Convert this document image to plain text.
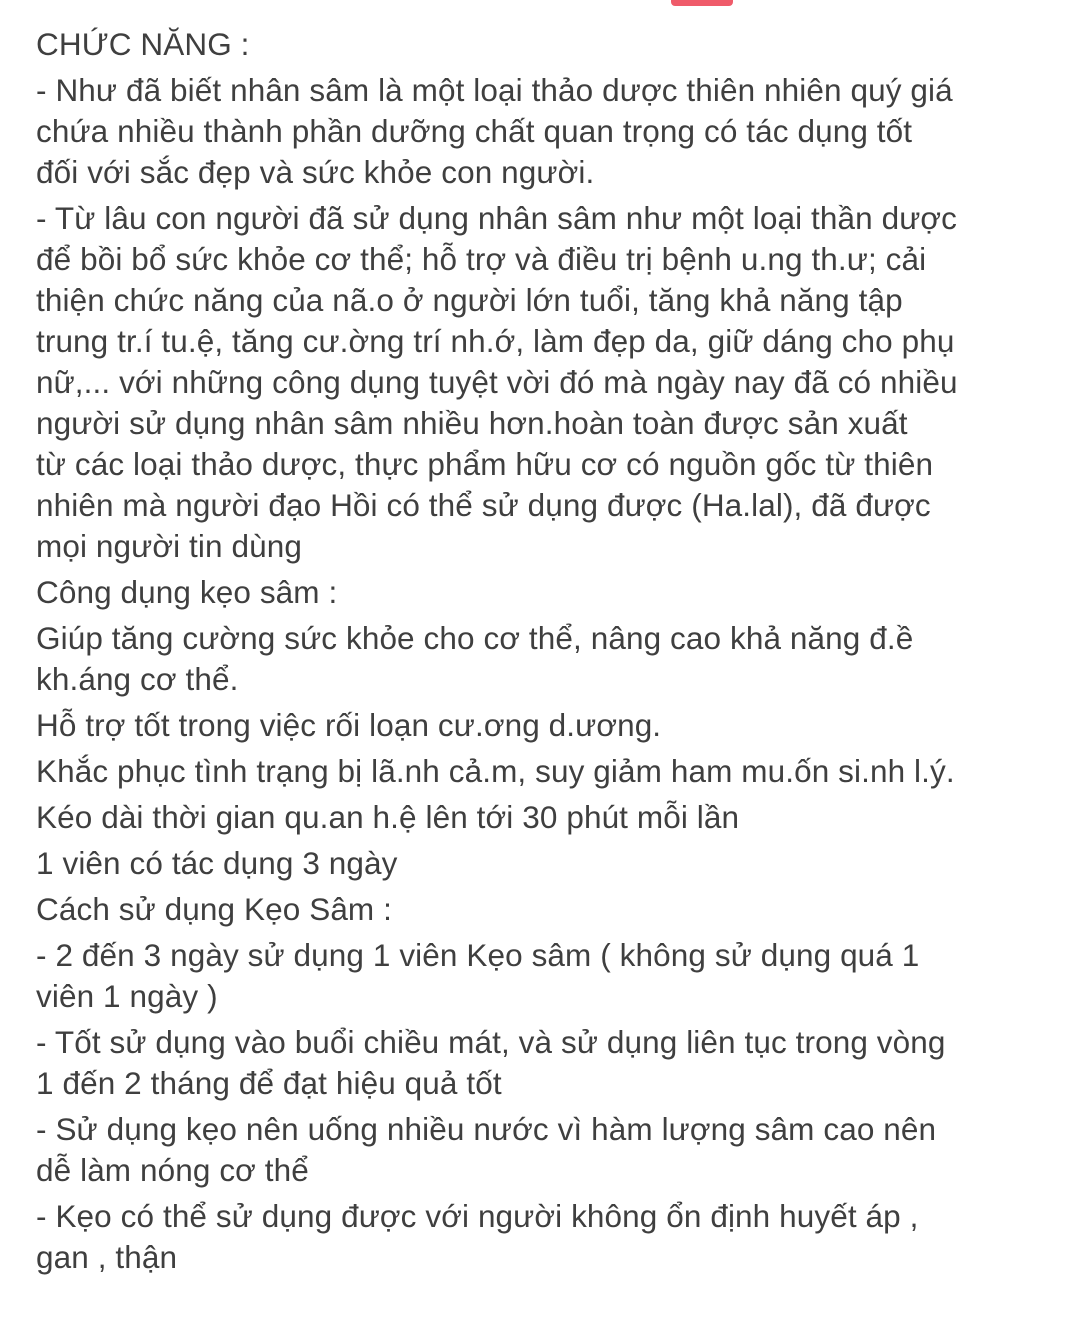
CHỨC NĂNG :

- Như đã biết nhân sâm là một loại thảo dược thiên nhiên quý giá
chứa nhiều thành phần dưỡng chất quan trọng có tác dụng tốt
đối với sắc đẹp và sức khỏe con người.

- Từ lâu con người đã sử dụng nhân sâm như một loại thần dược
để bồi bổ sức khỏe cơ thể; hỗ trợ và điều trị bệnh u.ng th.ư; cải
thiện chức năng của nã.o ở người lớn tuổi, tăng khả năng tập
trung tr.í tu.ệ, tăng cư.ờng trí nh.ớ, làm đẹp da, giữ dáng cho phụ
nữ,... với những công dụng tuyệt vời đó mà ngày nay đã có nhiều
người sử dụng nhân sâm nhiều hơn.hoàn toàn được sản xuất
từ các loại thảo dược, thực phẩm hữu cơ có nguồn gốc từ thiên
nhiên mà người đạo Hồi có thể sử dụng được (Ha.lal), đã được
mọi người tin dùng

Công dụng kẹo sâm :

Giúp tăng cường sức khỏe cho cơ thể, nâng cao khả năng đ.ề
kh.áng cơ thể.

Hỗ trợ tốt trong việc rối loạn cư.ơng d.ương.

Khắc phục tình trạng bị lã.nh cả.m, suy giảm ham mu.ốn si.nh l.ý.

Kéo dài thời gian qu.an h.ệ lên tới 30 phút mỗi lần

1 viên có tác dụng 3 ngày

Cách sử dụng Kẹo Sâm :

- 2 đến 3 ngày sử dụng 1 viên Kẹo sâm ( không sử dụng quá 1
viên 1 ngày )

- Tốt sử dụng vào buổi chiều mát, và sử dụng liên tục trong vòng
1 đến 2 tháng để đạt hiệu quả tốt

- Sử dụng kẹo nên uống nhiều nước vì hàm lượng sâm cao nên
dễ làm nóng cơ thể

- Kẹo có thể sử dụng được với người không ổn định huyết áp ,
gan , thận
